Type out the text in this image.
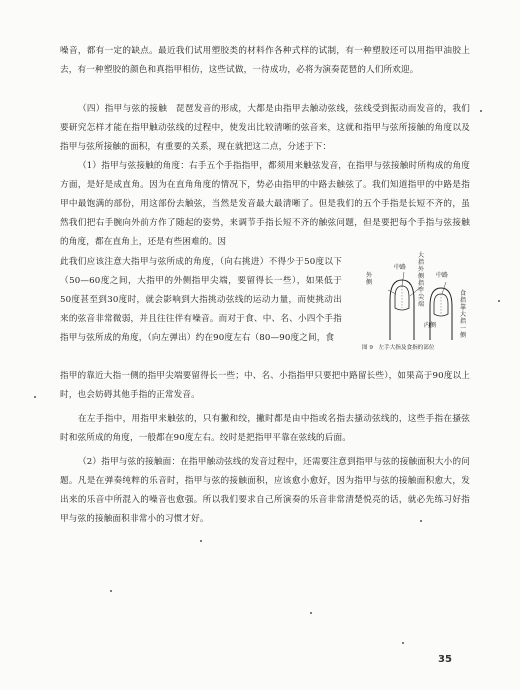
噪音，都有一定的缺点。最近我们试用塑胶类的材料作各种式样的试制，有一种塑胶还可以用指甲油胶上去，有一种塑胶的颜色和真指甲相仿，这些试做，一待成功，必将为演奏琵琶的人们所欢迎。

（四）指甲与弦的接触　琵琶发音的形成，大都是由指甲去触动弦线，弦线受到振动而发音的，我们要研究怎样才能在指甲触动弦线的过程中，使发出比较清晰的弦音来，这就和指甲与弦所接触的角度以及指甲与弦所接触的面积，有重要的关系，现在就把这二点，分述于下：

（1）指甲与弦接触的角度：右手五个手指指甲，都须用来触弦发音，在指甲与弦接触时所构成的角度方面，是好是成直角。因为在直角角度的情况下，势必由指甲的中路去触弦了。我们知道指甲的中路是指甲中最饱满的部份，用这部份去触弦，当然是发音最大最清晰了。但是我们的五个手指是长短不齐的，虽然我们把右手腕向外前方作了随起的姿势，来调节手指长短不齐的触弦问题，但是要把每个手指与弦接触的角度，都在直角上，还是有些困难的。因

此我们应该注意大指甲与弦所成的角度，（向右挑进）不得少于50度以下（50—60度之间，大指甲的外侧指甲尖端，要留得长一些），如果低于50度甚至到30度时，就会影响到大指挑动弦线的运动力量，而使挑动出来的弦音非常微弱，并且往往伴有噪音。而对于食、中、名、小四个手指指甲与弦所成的角度，（向左弹出）约在90度左右（80—90度之间，食

指甲的靠近大指一侧的指甲尖端要留得长一些；中、名、小指指甲只要把中路留长些），如果高于90度以上时，也会妨碍其他手指的正常发音。

在左手指中，用指甲来触弦的，只有撇和绞，撇时都是由中指或名指去搔动弦线的，这些手指在搔弦时和弦所成的角度，一般都在90度左右。绞时是把指甲平靠在弦线的后面。

（2）指甲与弦的接触面：在指甲触动弦线的发音过程中，还需要注意到指甲与弦的接触面积大小的问题。凡是在弹奏纯粹的乐音时，指甲与弦的接触面积，应该愈小愈好，因为指甲与弦的接触面积愈大，发出来的乐音中所混入的噪音也愈强。所以我们要求自己所演奏的乐音非常清楚悦亮的话，就必先练习好指甲与弦的接触面积非常小的习惯才好。

外侧
中路
大指外侧指甲尖端
内侧
食指靠大指一侧
中路
图 9　左手大指及食指的部位
35
